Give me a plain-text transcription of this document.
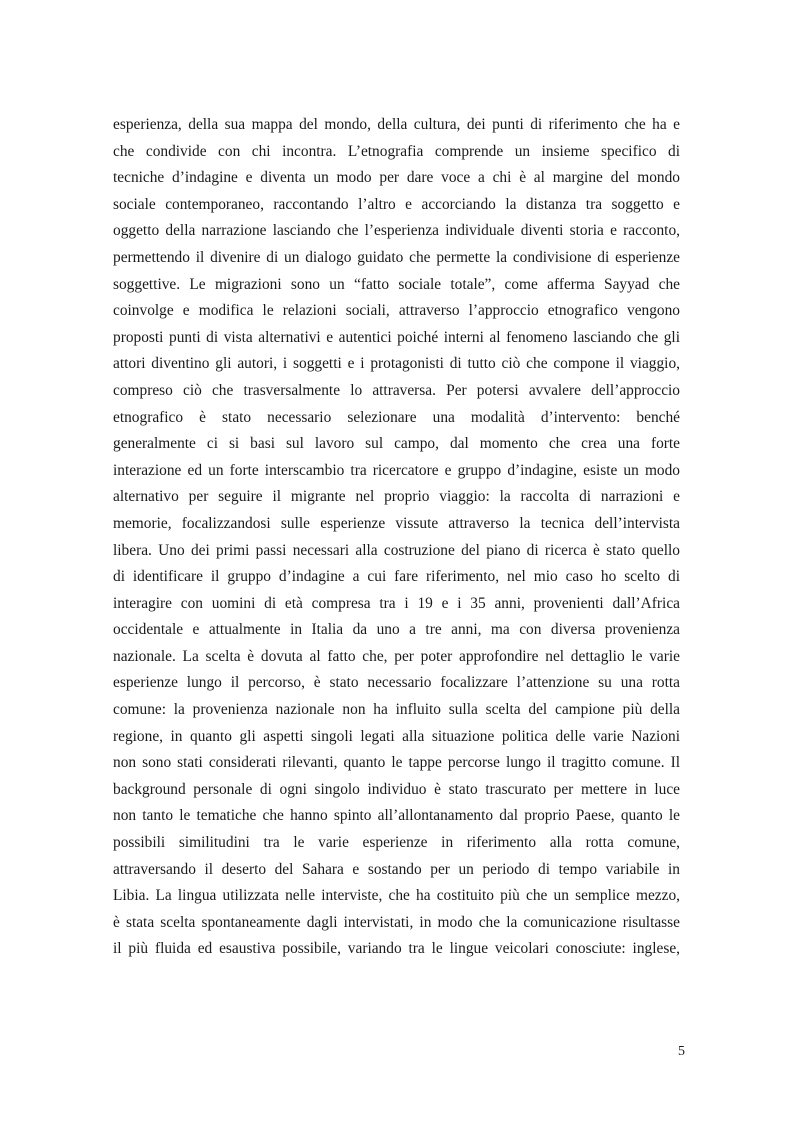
esperienza, della sua mappa del mondo, della cultura, dei punti di riferimento che ha e
che condivide con chi incontra. L’etnografia comprende un insieme specifico di
tecniche d’indagine e diventa un modo per dare voce a chi è al margine del mondo
sociale contemporaneo, raccontando l’altro e accorciando la distanza tra soggetto e
oggetto della narrazione lasciando che l’esperienza individuale diventi storia e racconto,
permettendo il divenire di un dialogo guidato che permette la condivisione di esperienze
soggettive. Le migrazioni sono un “fatto sociale totale”, come afferma Sayyad che
coinvolge e modifica le relazioni sociali, attraverso l’approccio etnografico vengono
proposti punti di vista alternativi e autentici poiché interni al fenomeno lasciando che gli
attori diventino gli autori, i soggetti e i protagonisti di tutto ciò che compone il viaggio,
compreso ciò che trasversalmente lo attraversa. Per potersi avvalere dell’approccio
etnografico è stato necessario selezionare una modalità d’intervento: benché
generalmente ci si basi sul lavoro sul campo, dal momento che crea una forte
interazione ed un forte interscambio tra ricercatore e gruppo d’indagine, esiste un modo
alternativo per seguire il migrante nel proprio viaggio: la raccolta di narrazioni e
memorie, focalizzandosi sulle esperienze vissute attraverso la tecnica dell’intervista
libera. Uno dei primi passi necessari alla costruzione del piano di ricerca è stato quello
di identificare il gruppo d’indagine a cui fare riferimento, nel mio caso ho scelto di
interagire con uomini di età compresa tra i 19 e i 35 anni, provenienti dall’Africa
occidentale e attualmente in Italia da uno a tre anni, ma con diversa provenienza
nazionale. La scelta è dovuta al fatto che, per poter approfondire nel dettaglio le varie
esperienze lungo il percorso, è stato necessario focalizzare l’attenzione su una rotta
comune: la provenienza nazionale non ha influito sulla scelta del campione più della
regione, in quanto gli aspetti singoli legati alla situazione politica delle varie Nazioni
non sono stati considerati rilevanti, quanto le tappe percorse lungo il tragitto comune. Il
background personale di ogni singolo individuo è stato trascurato per mettere in luce
non tanto le tematiche che hanno spinto all’allontanamento dal proprio Paese, quanto le
possibili similitudini tra le varie esperienze in riferimento alla rotta comune,
attraversando il deserto del Sahara e sostando per un periodo di tempo variabile in
Libia. La lingua utilizzata nelle interviste, che ha costituito più che un semplice mezzo,
è stata scelta spontaneamente dagli intervistati, in modo che la comunicazione risultasse
il più fluida ed esaustiva possibile, variando tra le lingue veicolari conosciute: inglese,
5
